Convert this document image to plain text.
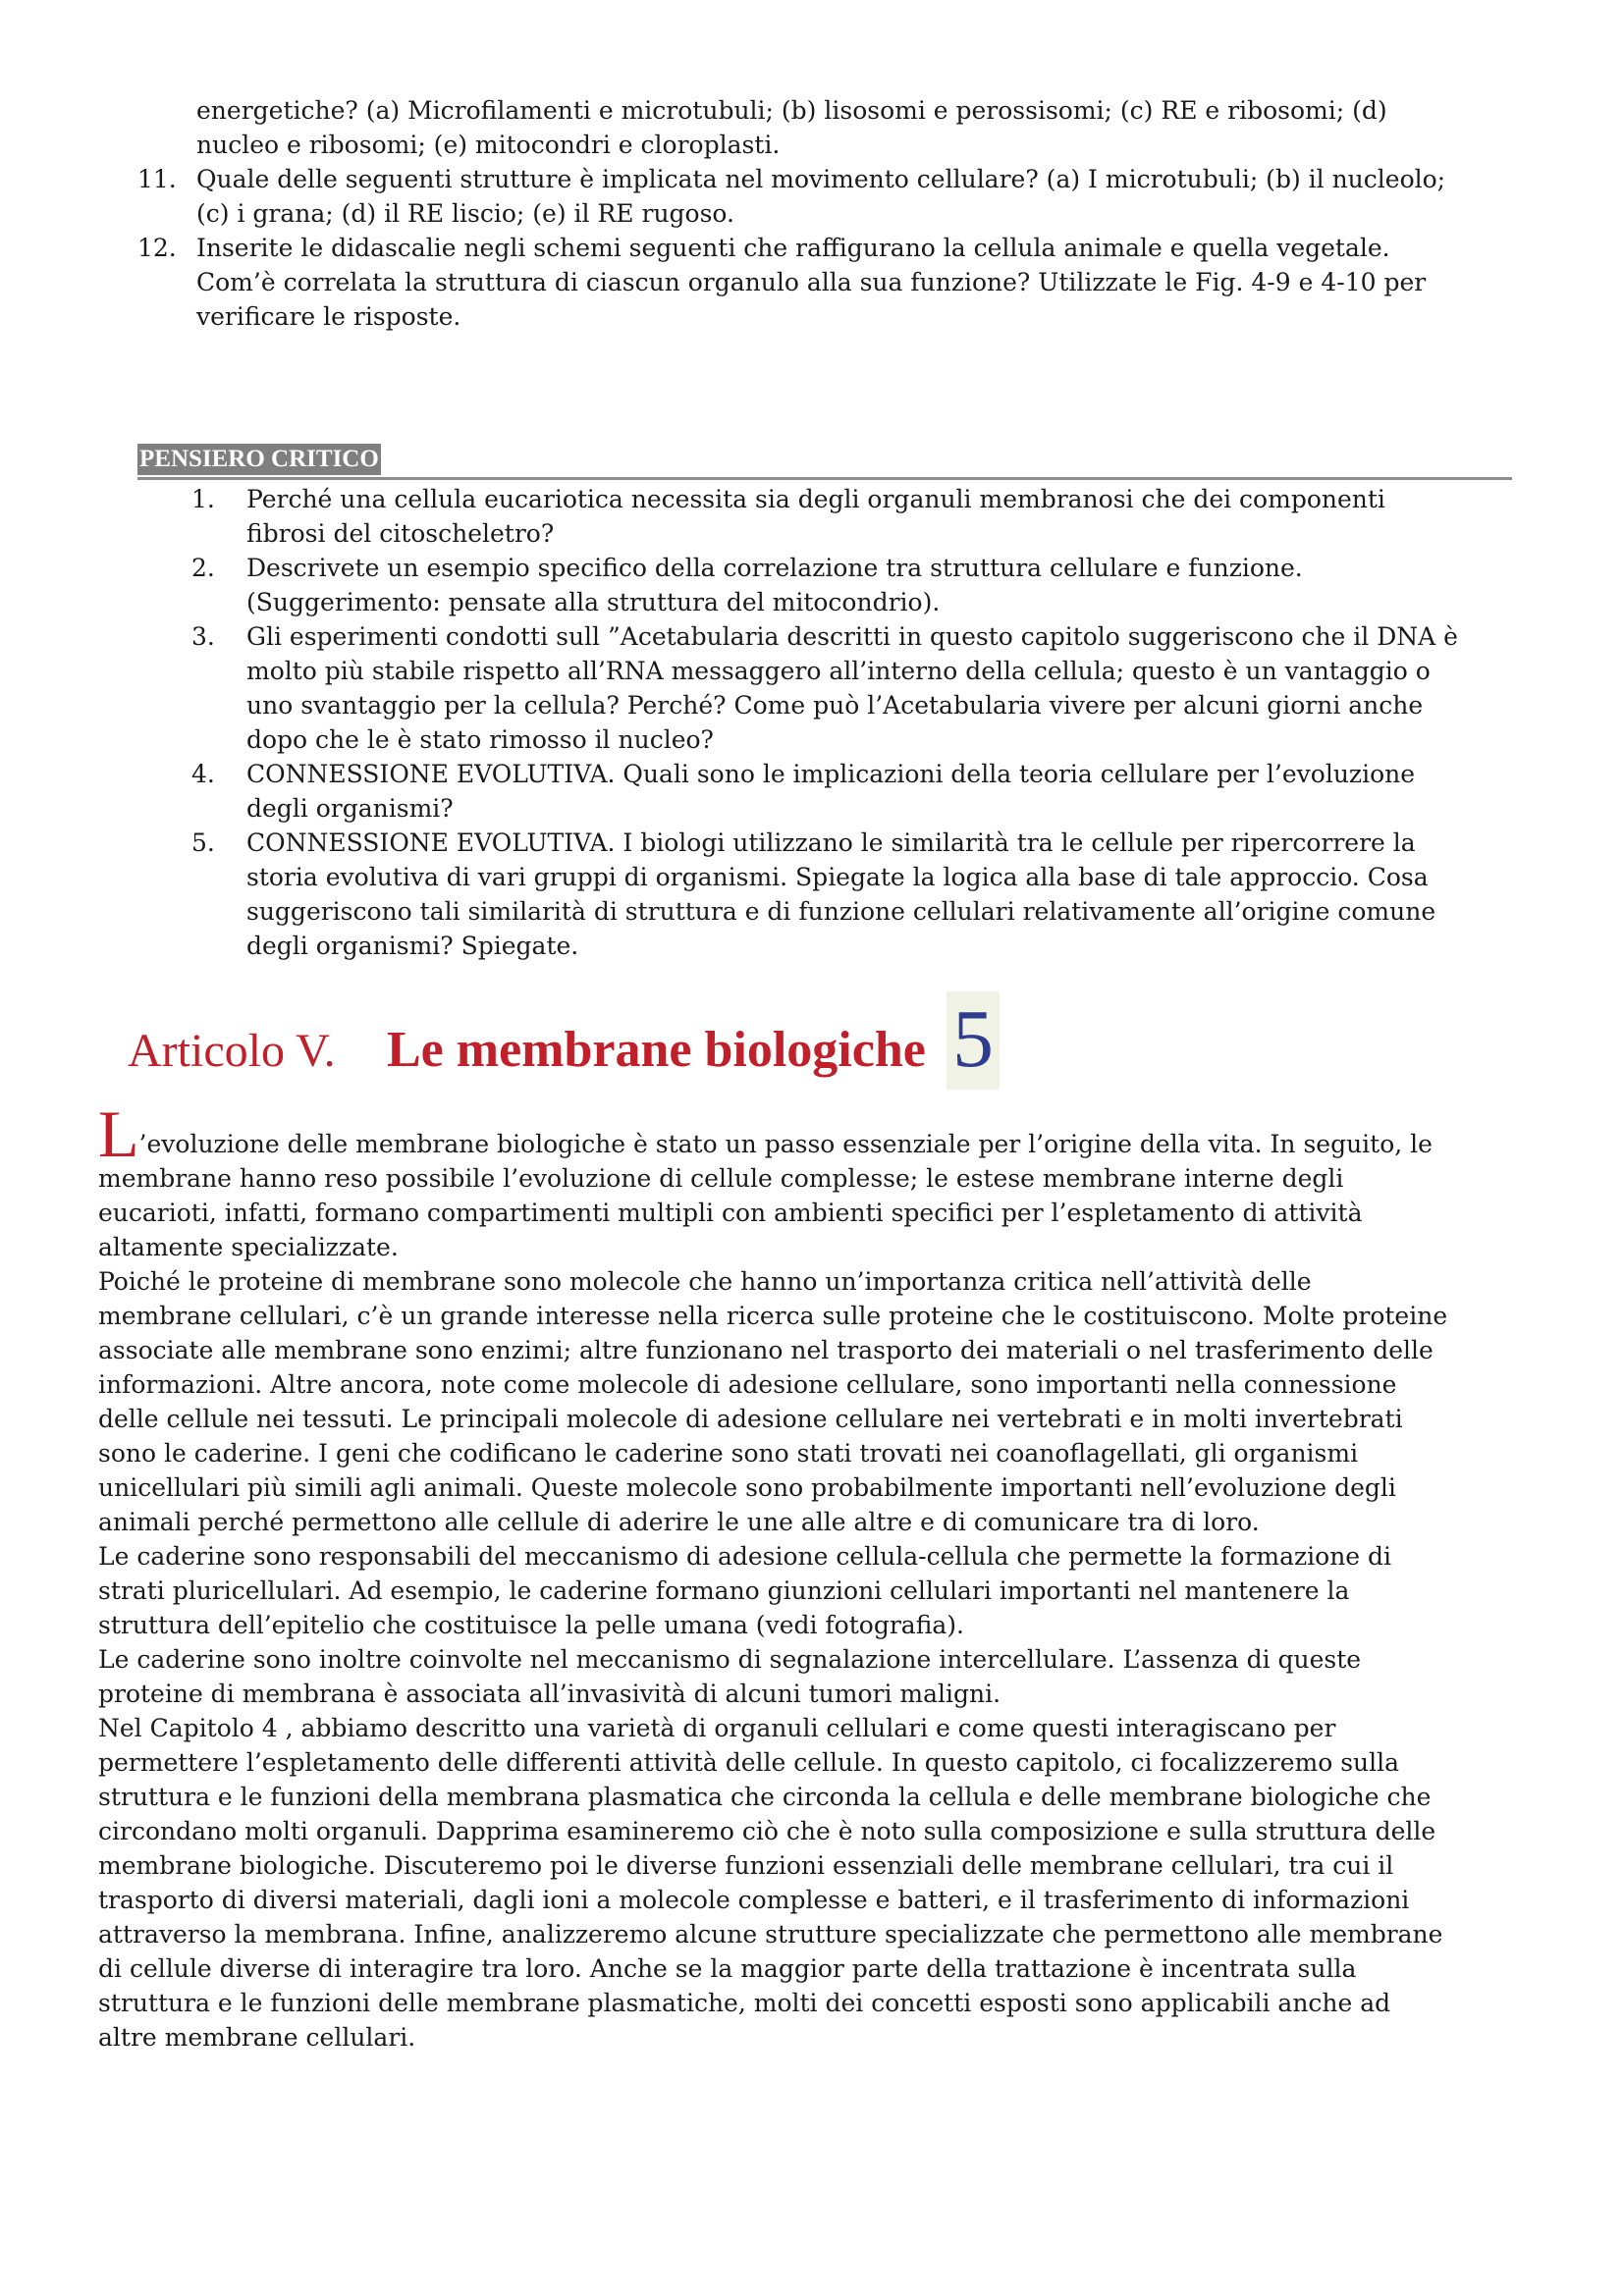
energetiche? (a) Microfilamenti e microtubuli; (b) lisosomi e perossisomi; (c) RE e ribosomi; (d)
nucleo e ribosomi; (e) mitocondri e cloroplasti.
11. Quale delle seguenti strutture è implicata nel movimento cellulare? (a) I microtubuli; (b) il nucleolo;
(c) i grana; (d) il RE liscio; (e) il RE rugoso.
12. Inserite le didascalie negli schemi seguenti che raffigurano la cellula animale e quella vegetale.
Com’è correlata la struttura di ciascun organulo alla sua funzione? Utilizzate le Fig. 4-9 e 4-10 per
verificare le risposte.
PENSIERO CRITICO
1.	Perché una cellula eucariotica necessita sia degli organuli membranosi che dei componenti
fibrosi del citoscheletro?
2.	Descrivete un esempio specifico della correlazione tra struttura cellulare e funzione.
(Suggerimento: pensate alla struttura del mitocondrio).
3.	Gli esperimenti condotti sull ”Acetabularia descritti in questo capitolo suggeriscono che il DNA è
molto più stabile rispetto all’RNA messaggero all’interno della cellula; questo è un vantaggio o
uno svantaggio per la cellula? Perché? Come può l’Acetabularia vivere per alcuni giorni anche
dopo che le è stato rimosso il nucleo?
4.	CONNESSIONE EVOLUTIVA. Quali sono le implicazioni della teoria cellulare per l’evoluzione
degli organismi?
5.	CONNESSIONE EVOLUTIVA. I biologi utilizzano le similarità tra le cellule per ripercorrere la
storia evolutiva di vari gruppi di organismi. Spiegate la logica alla base di tale approccio. Cosa
suggeriscono tali similarità di struttura e di funzione cellulari relativamente all’origine comune
degli organismi? Spiegate.
Articolo V. Le membrane biologiche 5

L’evoluzione delle membrane biologiche è stato un passo essenziale per l’origine della vita. In seguito, le

membrane hanno reso possibile l’evoluzione di cellule complesse; le estese membrane interne degli
eucarioti, infatti, formano compartimenti multipli con ambienti specifici per l’espletamento di attività
altamente specializzate.
Poiché le proteine di membrane sono molecole che hanno un’importanza critica nell’attività delle
membrane cellulari, c’è un grande interesse nella ricerca sulle proteine che le costituiscono. Molte proteine
associate alle membrane sono enzimi; altre funzionano nel trasporto dei materiali o nel trasferimento delle
informazioni. Altre ancora, note come molecole di adesione cellulare, sono importanti nella connessione
delle cellule nei tessuti. Le principali molecole di adesione cellulare nei vertebrati e in molti invertebrati
sono le caderine. I geni che codificano le caderine sono stati trovati nei coanoflagellati, gli organismi
unicellulari più simili agli animali. Queste molecole sono probabilmente importanti nell’evoluzione degli
animali perché permettono alle cellule di aderire le une alle altre e di comunicare tra di loro.
Le caderine sono responsabili del meccanismo di adesione cellula-cellula che permette la formazione di
strati pluricellulari. Ad esempio, le caderine formano giunzioni cellulari importanti nel mantenere la
struttura dell’epitelio che costituisce la pelle umana (vedi fotografia).
Le caderine sono inoltre coinvolte nel meccanismo di segnalazione intercellulare. L’assenza di queste
proteine di membrana è associata all’invasività di alcuni tumori maligni.
Nel Capitolo 4 , abbiamo descritto una varietà di organuli cellulari e come questi interagiscano per
permettere l’espletamento delle differenti attività delle cellule. In questo capitolo, ci focalizzeremo sulla
struttura e le funzioni della membrana plasmatica che circonda la cellula e delle membrane biologiche che
circondano molti organuli. Dapprima esamineremo ciò che è noto sulla composizione e sulla struttura delle
membrane biologiche. Discuteremo poi le diverse funzioni essenziali delle membrane cellulari, tra cui il
trasporto di diversi materiali, dagli ioni a molecole complesse e batteri, e il trasferimento di informazioni
attraverso la membrana. Infine, analizzeremo alcune strutture specializzate che permettono alle membrane
di cellule diverse di interagire tra loro. Anche se la maggior parte della trattazione è incentrata sulla
struttura e le funzioni delle membrane plasmatiche, molti dei concetti esposti sono applicabili anche ad
altre membrane cellulari.
